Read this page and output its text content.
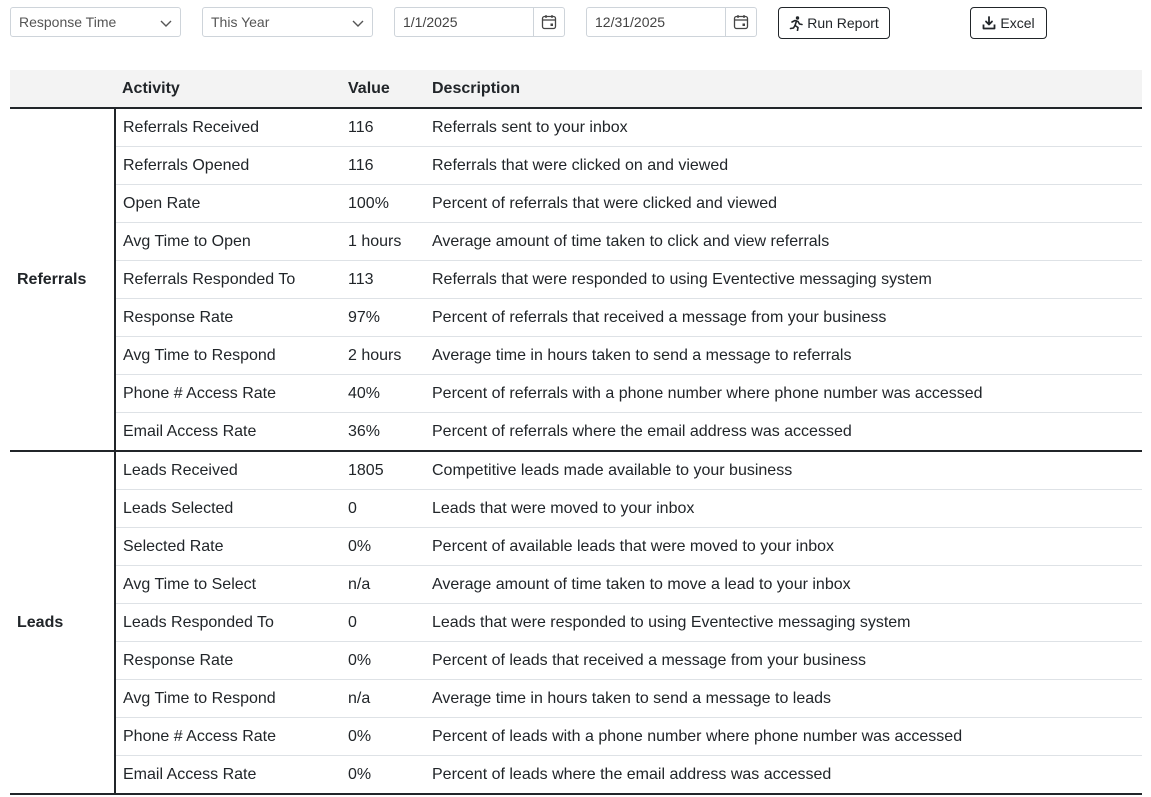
Response Time	This Year	1/1/2025	12/31/2025	Run Report	Excel
	Activity	Value	Description
Referrals	Referrals Received	116	Referrals sent to your inbox
	Referrals Opened	116	Referrals that were clicked on and viewed
	Open Rate	100%	Percent of referrals that were clicked and viewed
	Avg Time to Open	1 hours	Average amount of time taken to click and view referrals
	Referrals Responded To	113	Referrals that were responded to using Eventective messaging system
	Response Rate	97%	Percent of referrals that received a message from your business
	Avg Time to Respond	2 hours	Average time in hours taken to send a message to referrals
	Phone # Access Rate	40%	Percent of referrals with a phone number where phone number was accessed
	Email Access Rate	36%	Percent of referrals where the email address was accessed
Leads	Leads Received	1805	Competitive leads made available to your business
	Leads Selected	0	Leads that were moved to your inbox
	Selected Rate	0%	Percent of available leads that were moved to your inbox
	Avg Time to Select	n/a	Average amount of time taken to move a lead to your inbox
	Leads Responded To	0	Leads that were responded to using Eventective messaging system
	Response Rate	0%	Percent of leads that received a message from your business
	Avg Time to Respond	n/a	Average time in hours taken to send a message to leads
	Phone # Access Rate	0%	Percent of leads with a phone number where phone number was accessed
	Email Access Rate	0%	Percent of leads where the email address was accessed
